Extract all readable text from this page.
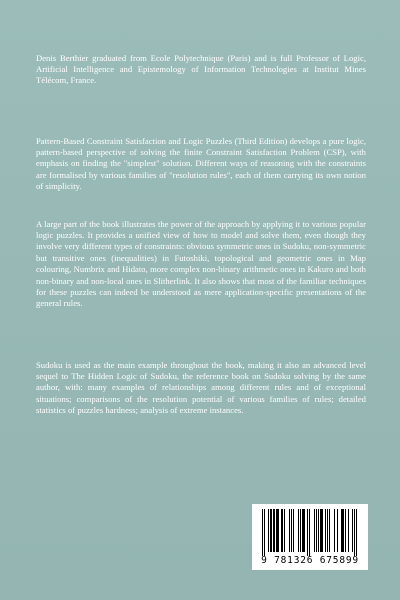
Denis Berthier graduated from Ecole Polytechnique (Paris) and is full Professor of Logic, Artificial Intelligence and Epistemology of Information Technologies at Institut Mines Télécom, France.

Pattern-Based Constraint Satisfaction and Logic Puzzles (Third Edition) develops a pure logic, pattern-based perspective of solving the finite Constraint Satisfaction Problem (CSP), with emphasis on finding the "simplest" solution. Different ways of reasoning with the constraints are formalised by various families of "resolution rules", each of them carrying its own notion of simplicity.

A large part of the book illustrates the power of the approach by applying it to various popular logic puzzles. It provides a unified view of how to model and solve them, even though they involve very different types of constraints: obvious symmetric ones in Sudoku, non-symmetric but transitive ones (inequalities) in Futoshiki, topological and geometric ones in Map colouring, Numbrix and Hidato, more complex non-binary arithmetic ones in Kakuro and both non-binary and non-local ones in Slitherlink. It also shows that most of the familiar techniques for these puzzles can indeed be understood as mere application-specific presentations of the general rules.

Sudoku is used as the main example throughout the book, making it also an advanced level sequel to The Hidden Logic of Sudoku, the reference book on Sudoku solving by the same author, with: many examples of relationships among different rules and of exceptional situations; comparisons of the resolution potential of various families of rules; detailed statistics of puzzles hardness; analysis of extreme instances.

9 781326 675899
